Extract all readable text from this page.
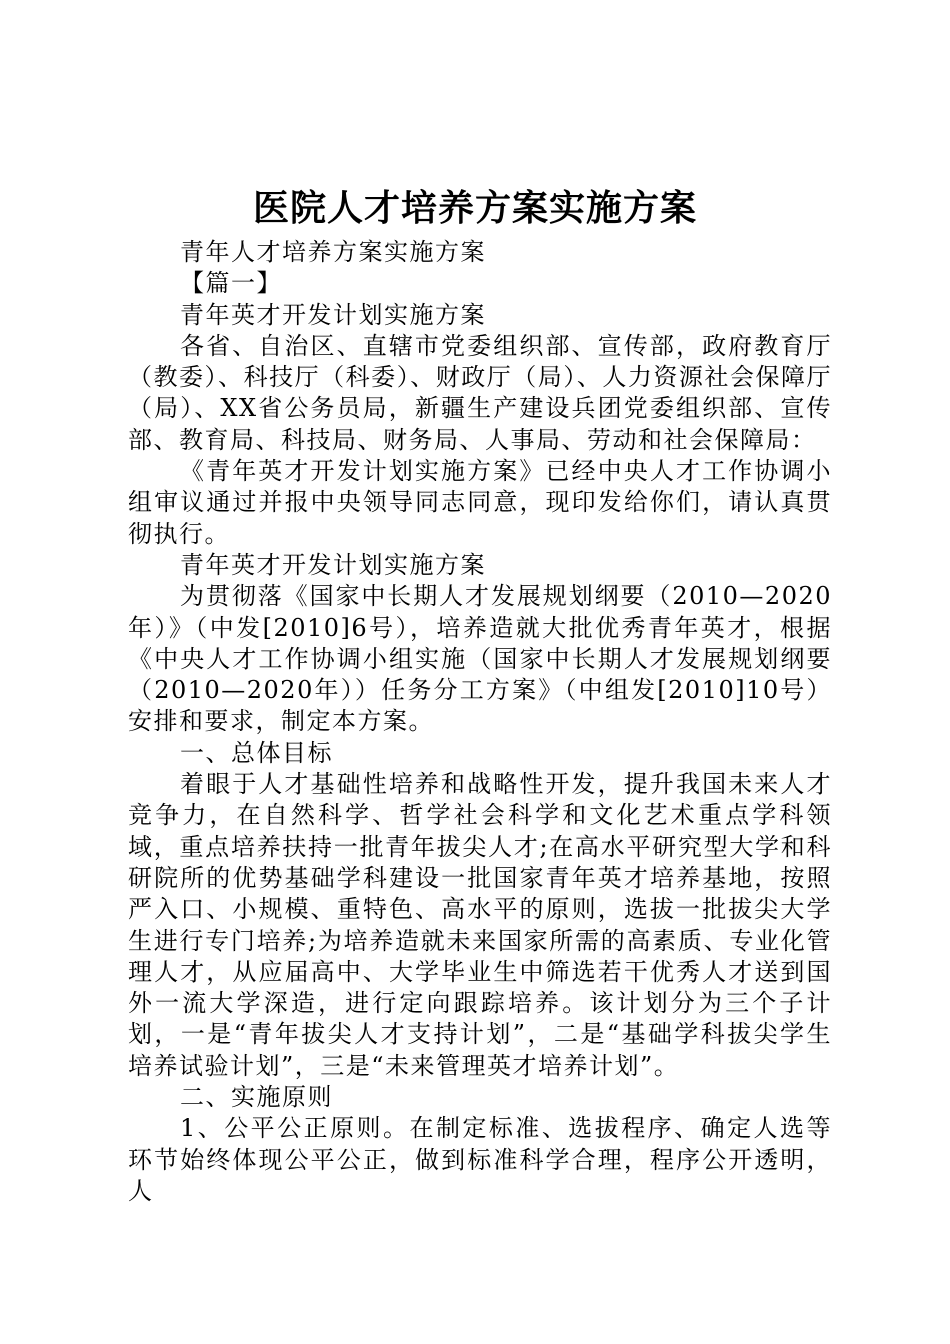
医院人才培养方案实施方案

青年人才培养方案实施方案

【篇一】

青年英才开发计划实施方案

各省、自治区、直辖市党委组织部、宣传部，政府教育厅（教委）、科技厅（科委）、财政厅（局）、人力资源社会保障厅（局）、XX省公务员局，新疆生产建设兵团党委组织部、宣传部、教育局、科技局、财务局、人事局、劳动和社会保障局：

《青年英才开发计划实施方案》已经中央人才工作协调小组审议通过并报中央领导同志同意，现印发给你们，请认真贯彻执行。

青年英才开发计划实施方案

为贯彻落《国家中长期人才发展规划纲要（2010—2020年）》（中发[2010]6号），培养造就大批优秀青年英才，根据《中央人才工作协调小组实施（国家中长期人才发展规划纲要（2010—2020年））任务分工方案》（中组发[2010]10号）安排和要求，制定本方案。

一、总体目标

着眼于人才基础性培养和战略性开发，提升我国未来人才竞争力，在自然科学、哲学社会科学和文化艺术重点学科领域，重点培养扶持一批青年拔尖人才;在高水平研究型大学和科研院所的优势基础学科建设一批国家青年英才培养基地，按照严入口、小规模、重特色、高水平的原则，选拔一批拔尖大学生进行专门培养;为培养造就未来国家所需的高素质、专业化管理人才，从应届高中、大学毕业生中筛选若干优秀人才送到国外一流大学深造，进行定向跟踪培养。该计划分为三个子计划，一是“青年拔尖人才支持计划”，二是“基础学科拔尖学生培养试验计划”，三是“未来管理英才培养计划”。

二、实施原则

1、公平公正原则。在制定标准、选拔程序、确定人选等环节始终体现公平公正，做到标准科学合理，程序公开透明，人
